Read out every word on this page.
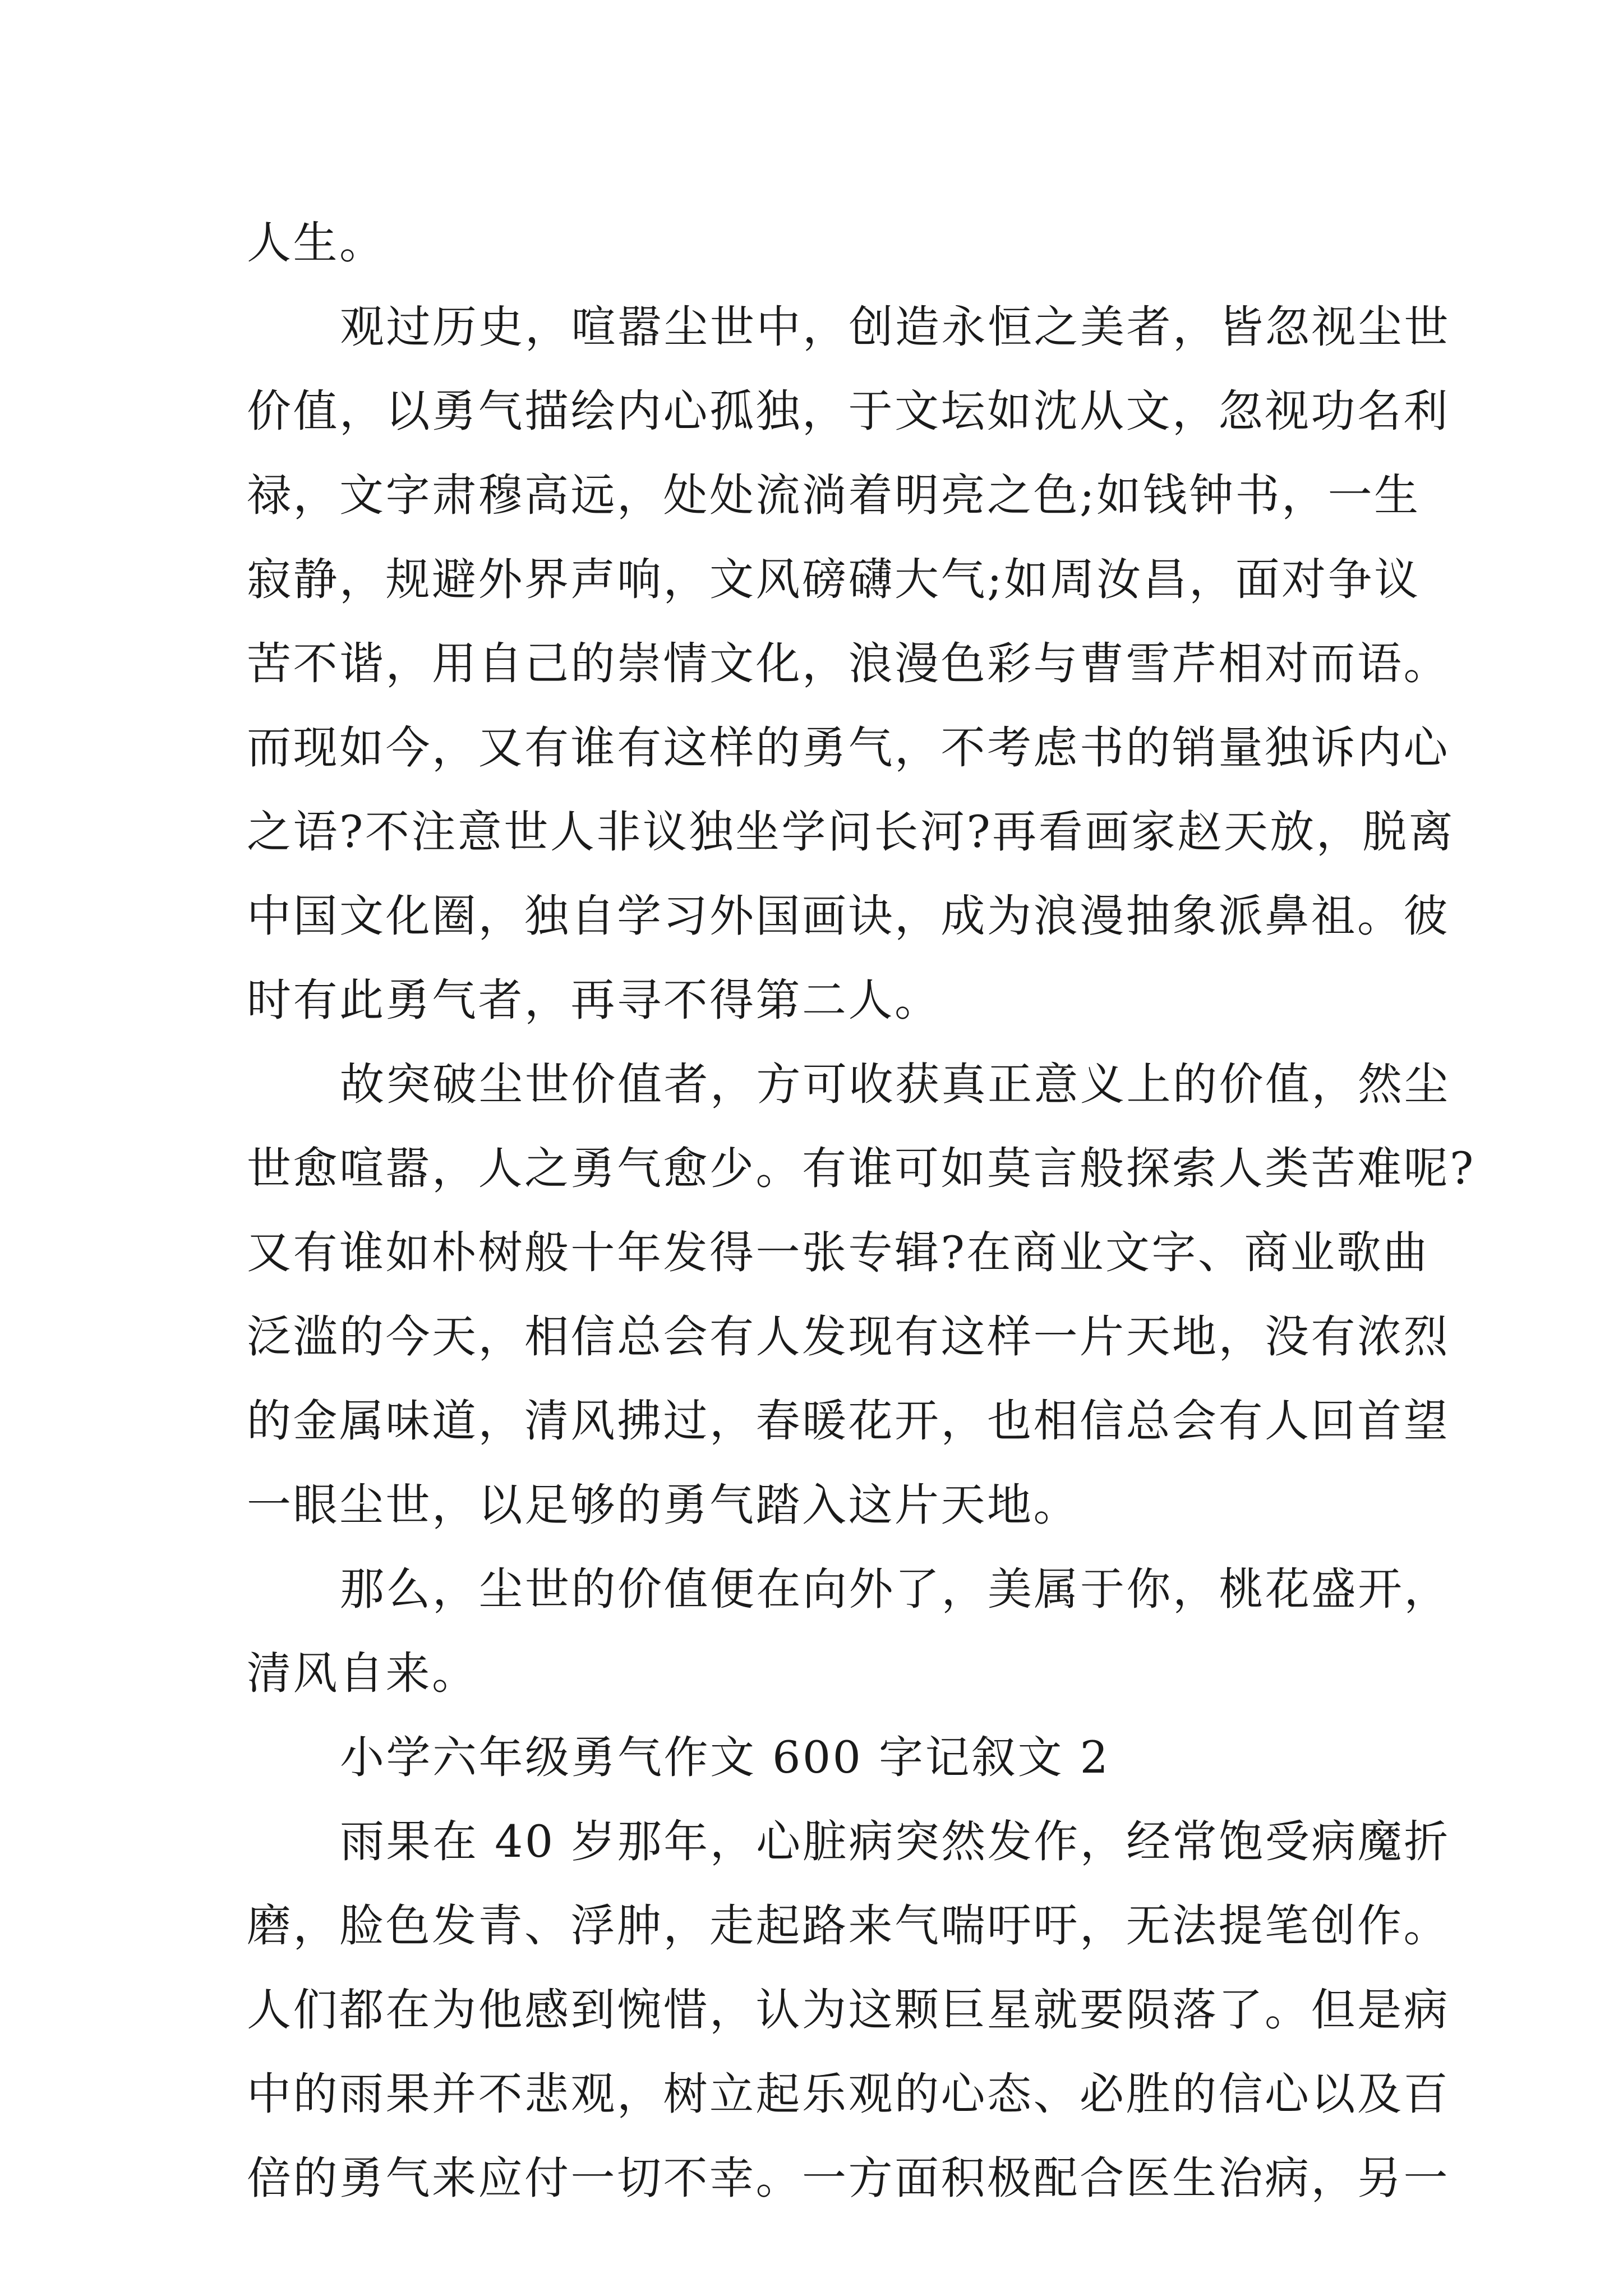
人生。
观过历史，喧嚣尘世中，创造永恒之美者，皆忽视尘世
价值，以勇气描绘内心孤独，于文坛如沈从文，忽视功名利
禄，文字肃穆高远，处处流淌着明亮之色;如钱钟书，一生
寂静，规避外界声响，文风磅礴大气;如周汝昌，面对争议
苦不谐，用自己的崇情文化，浪漫色彩与曹雪芹相对而语。
而现如今，又有谁有这样的勇气，不考虑书的销量独诉内心
之语?不注意世人非议独坐学问长河?再看画家赵天放，脱离
中国文化圈，独自学习外国画诀，成为浪漫抽象派鼻祖。彼
时有此勇气者，再寻不得第二人。
故突破尘世价值者，方可收获真正意义上的价值，然尘
世愈喧嚣，人之勇气愈少。有谁可如莫言般探索人类苦难呢?
又有谁如朴树般十年发得一张专辑?在商业文字、商业歌曲
泛滥的今天，相信总会有人发现有这样一片天地，没有浓烈
的金属味道，清风拂过，春暖花开，也相信总会有人回首望
一眼尘世，以足够的勇气踏入这片天地。
那么，尘世的价值便在向外了，美属于你，桃花盛开，
清风自来。
小学六年级勇气作文 600 字记叙文 2
雨果在 40 岁那年，心脏病突然发作，经常饱受病魔折
磨，脸色发青、浮肿，走起路来气喘吁吁，无法提笔创作。
人们都在为他感到惋惜，认为这颗巨星就要陨落了。但是病
中的雨果并不悲观，树立起乐观的心态、必胜的信心以及百
倍的勇气来应付一切不幸。一方面积极配合医生治病，另一
